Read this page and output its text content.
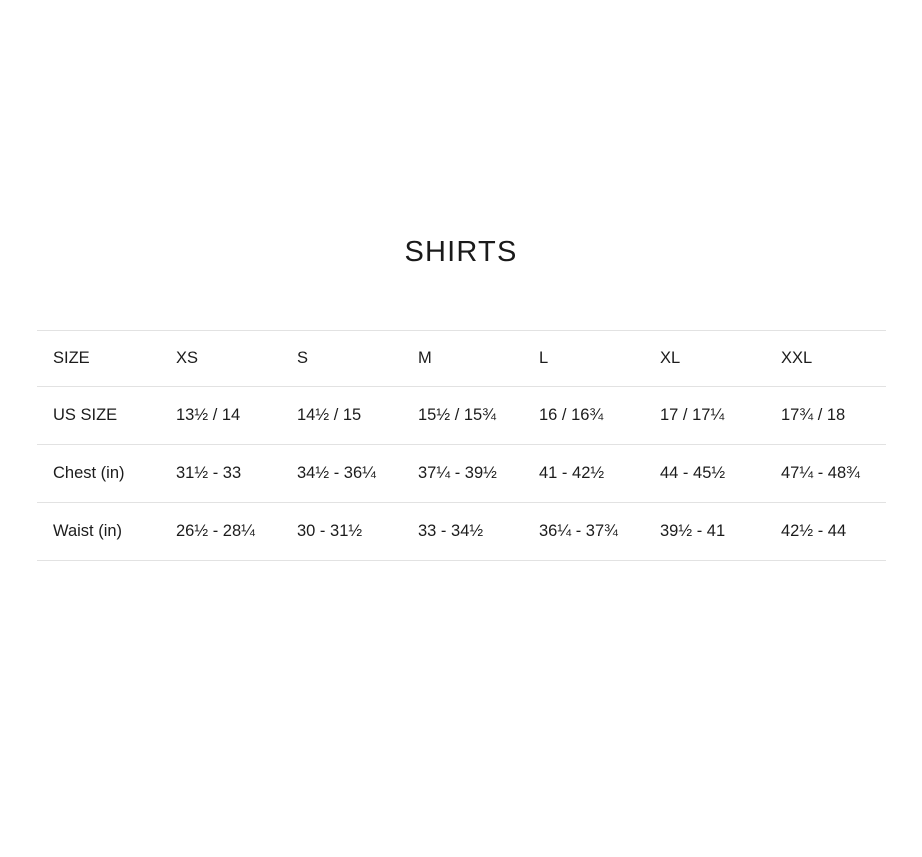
SHIRTS
SIZE	XS	S	M	L	XL	XXL

US SIZE	13½ / 14	14½ / 15	15½ / 15¾	16 / 16¾	17 / 17¼	17¾ / 18

Chest (in)	31½ - 33	34½ - 36¼	37¼ - 39½	41 - 42½	44 - 45½	47¼ - 48¾

Waist (in)	26½ - 28¼	30 - 31½	33 - 34½	36¼ - 37¾	39½ - 41	42½ - 44
